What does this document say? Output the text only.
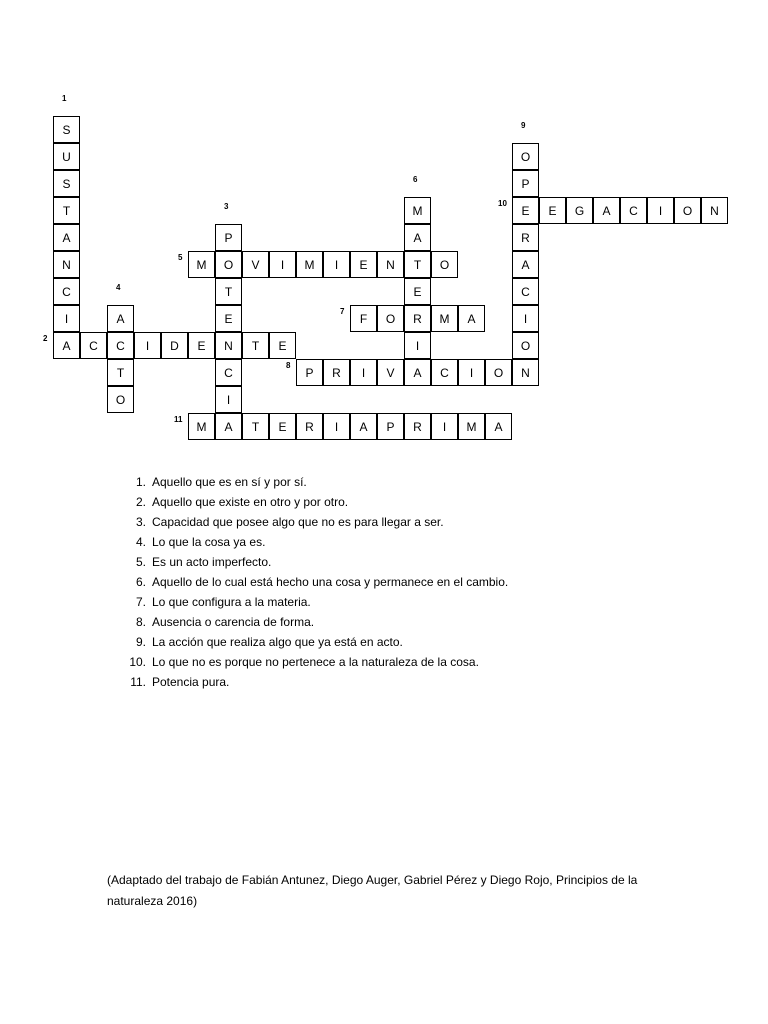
S
U
S
T
A
N
C
I
A
1
C	C	I	D	E	N	T	E
2
P
O
T
E
C
I
A
3
A
T
O
4
M	V	I	M	I	E	N	T	O
5
M
A
E
R
I
A
6
F	O	M	A
7
P	R	I	V	C	I	O	N
8
O
P
E
R
A
C
I
O
9
E	G	A	C	I	O	N
10
M	T	E	R	I	A	P	R	I	M	A
11
1. Aquello que es en sí y por sí.
2. Aquello que existe en otro y por otro.
3. Capacidad que posee algo que no es para llegar a ser.
4. Lo que la cosa ya es.
5. Es un acto imperfecto.
6. Aquello de lo cual está hecho una cosa y permanece en el cambio.
7. Lo que configura a la materia.
8. Ausencia o carencia de forma.
9. La acción que realiza algo que ya está en acto.
10. Lo que no es porque no pertenece a la naturaleza de la cosa.
11. Potencia pura.
(Adaptado del trabajo de Fabián Antunez, Diego Auger, Gabriel Pérez y Diego Rojo, Principios de la naturaleza 2016)
